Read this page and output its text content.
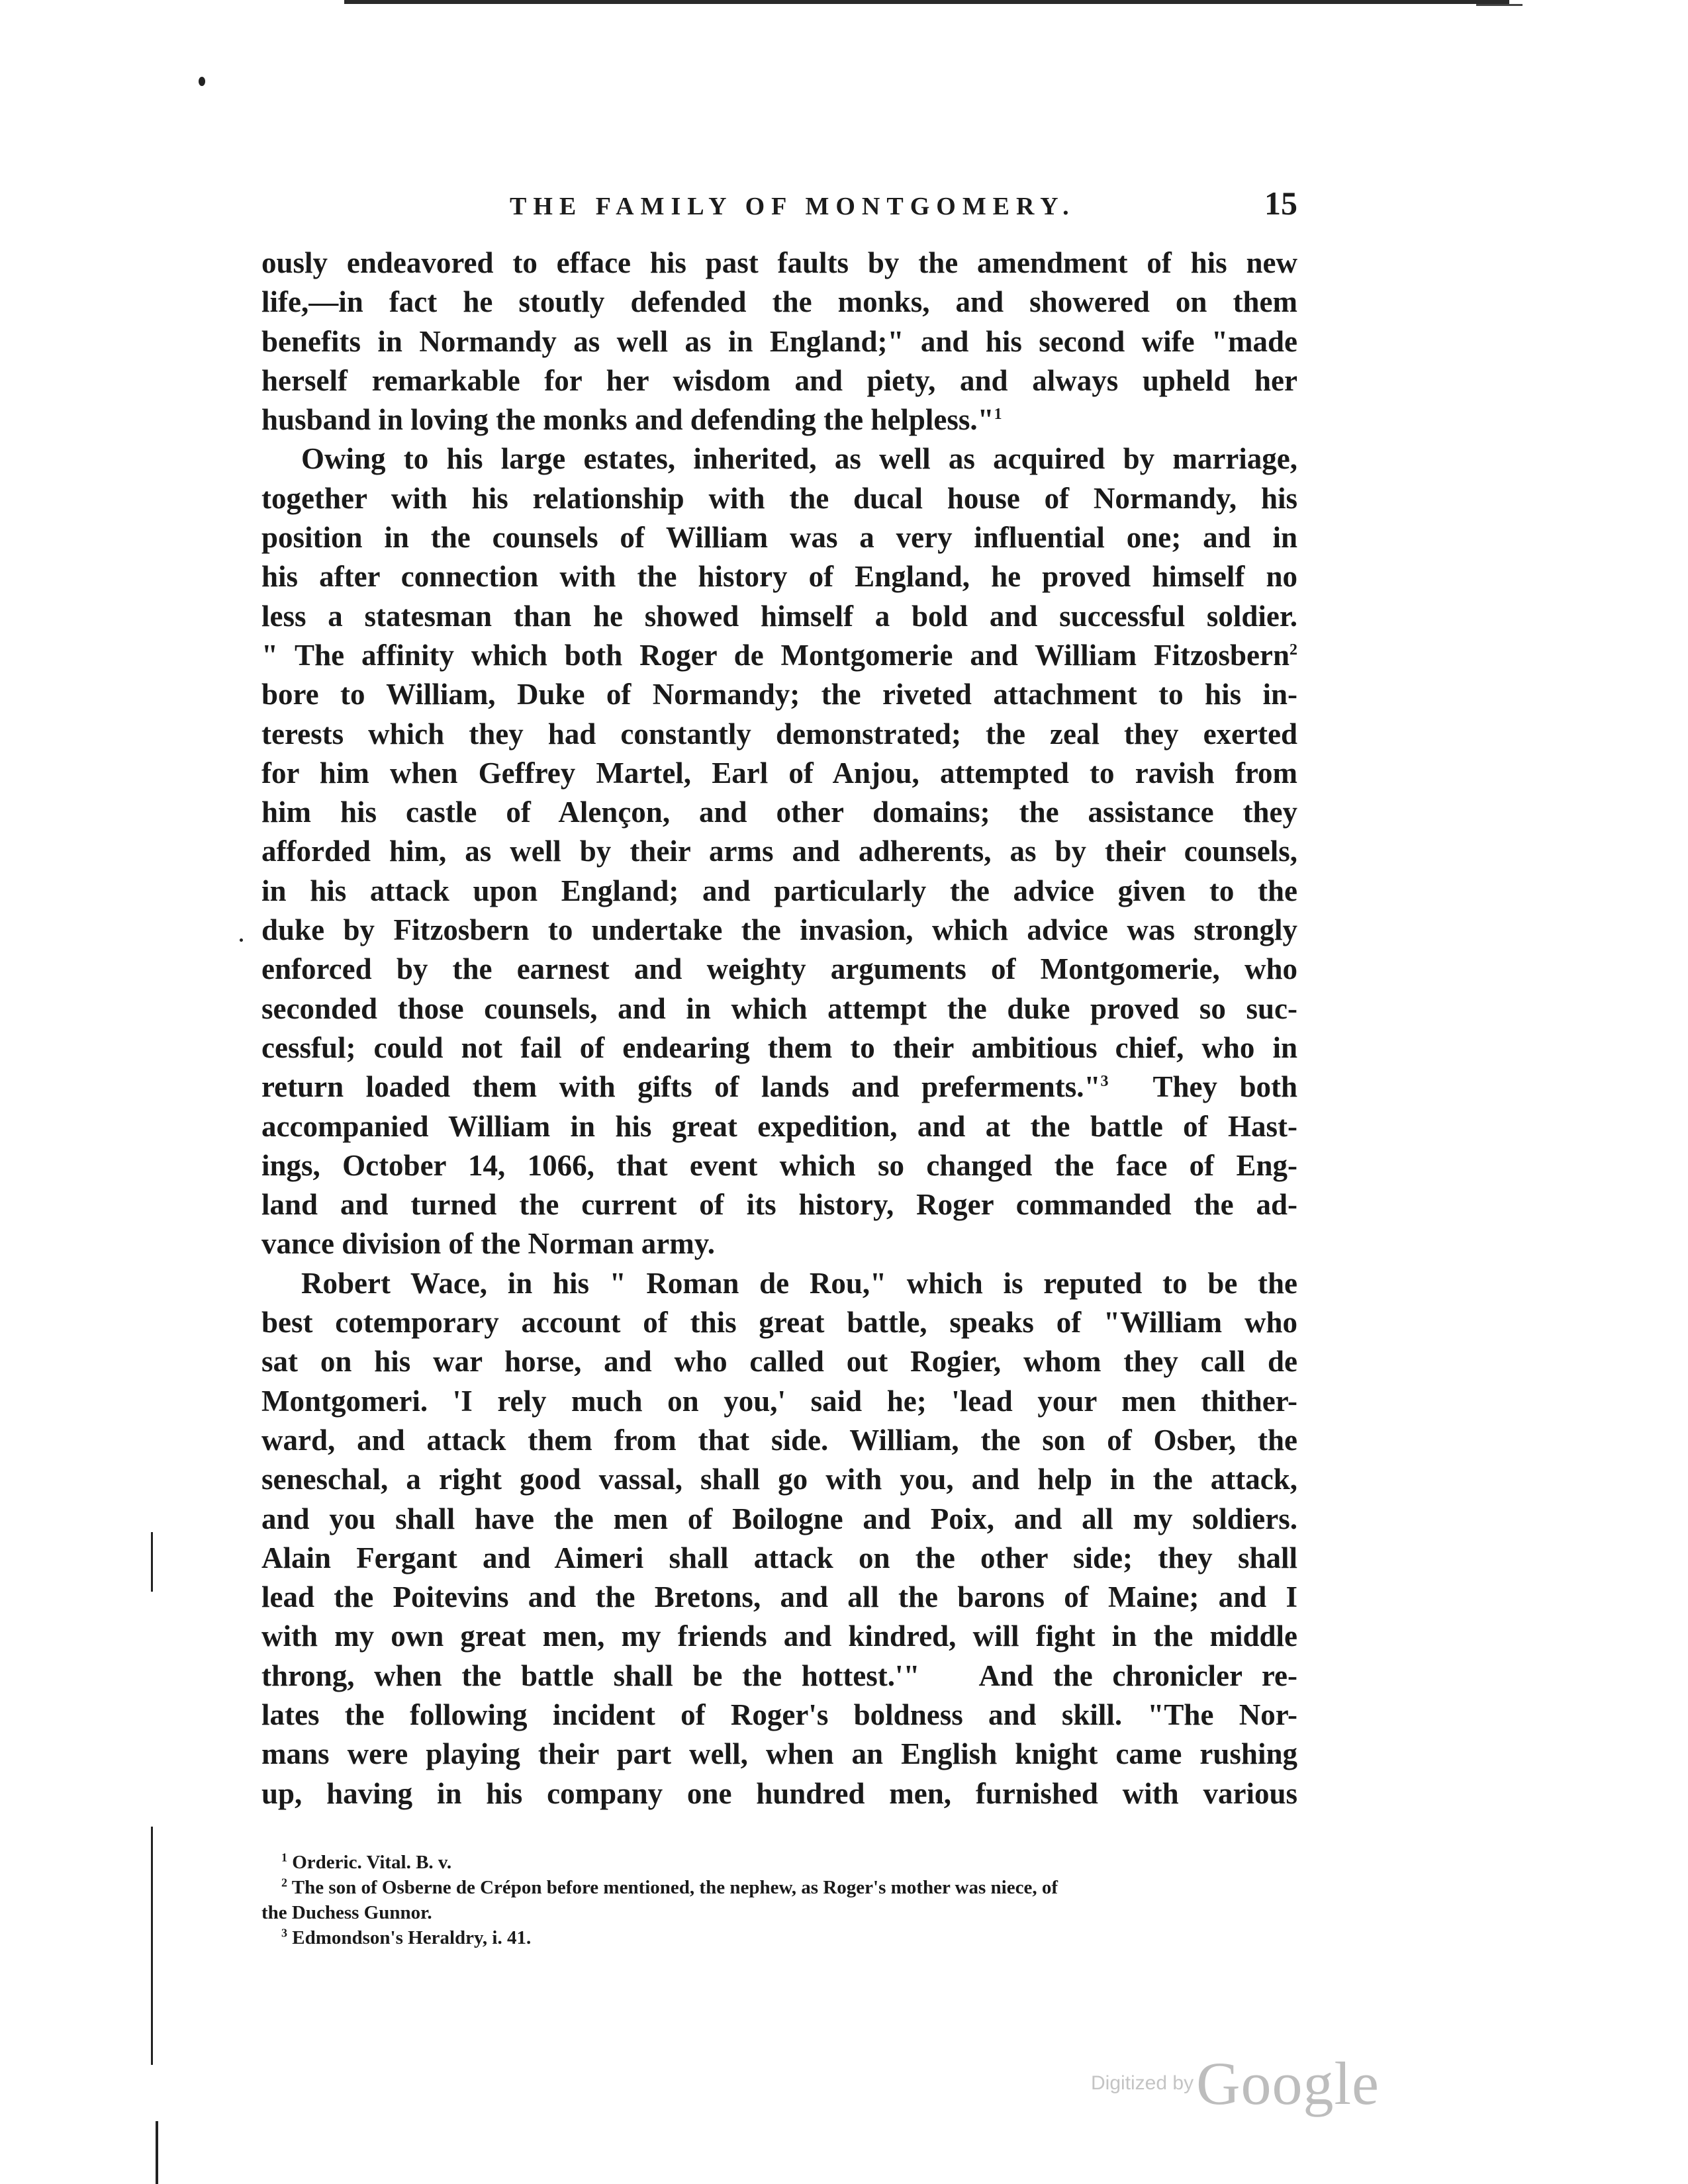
THE FAMILY OF MONTGOMERY.	15
ously endeavored to efface his past faults by the amendment of his new
life,—in fact he stoutly defended the monks, and showered on them
benefits in Normandy as well as in England;" and his second wife "made
herself remarkable for her wisdom and piety, and always upheld her
husband in loving the monks and defending the helpless."$^1$
Owing to his large estates, inherited, as well as acquired by marriage,
together with his relationship with the ducal house of Normandy, his
position in the counsels of William was a very influential one; and in
his after connection with the history of England, he proved himself no
less a statesman than he showed himself a bold and successful soldier.
" The affinity which both Roger de Montgomerie and William Fitzosbern$^2$
bore to William, Duke of Normandy; the riveted attachment to his in-
terests which they had constantly demonstrated; the zeal they exerted
for him when Geffrey Martel, Earl of Anjou, attempted to ravish from
him his castle of Alençon, and other domains; the assistance they
afforded him, as well by their arms and adherents, as by their counsels,
in his attack upon England; and particularly the advice given to the
duke by Fitzosbern to undertake the invasion, which advice was strongly
enforced by the earnest and weighty arguments of Montgomerie, who
seconded those counsels, and in which attempt the duke proved so suc-
cessful; could not fail of endearing them to their ambitious chief, who in
return loaded them with gifts of lands and preferments."$^3$ They both
accompanied William in his great expedition, and at the battle of Hast-
ings, October 14, 1066, that event which so changed the face of Eng-
land and turned the current of its history, Roger commanded the ad-
vance division of the Norman army.
Robert Wace, in his " Roman de Rou," which is reputed to be the
best cotemporary account of this great battle, speaks of "William who
sat on his war horse, and who called out Rogier, whom they call de
Montgomeri. 'I rely much on you,' said he; 'lead your men thither-
ward, and attack them from that side. William, the son of Osber, the
seneschal, a right good vassal, shall go with you, and help in the attack,
and you shall have the men of Boilogne and Poix, and all my soldiers.
Alain Fergant and Aimeri shall attack on the other side; they shall
lead the Poitevins and the Bretons, and all the barons of Maine; and I
with my own great men, my friends and kindred, will fight in the middle
throng, when the battle shall be the hottest.'" And the chronicler re-
lates the following incident of Roger's boldness and skill. "The Nor-
mans were playing their part well, when an English knight came rushing
up, having in his company one hundred men, furnished with various
$^1$ Orderic. Vital. B. v.
$^2$ The son of Osberne de Crépon before mentioned, the nephew, as Roger's mother was niece, of
the Duchess Gunnor.
$^3$ Edmondson's Heraldry, i. 41.
Digitized by Google
